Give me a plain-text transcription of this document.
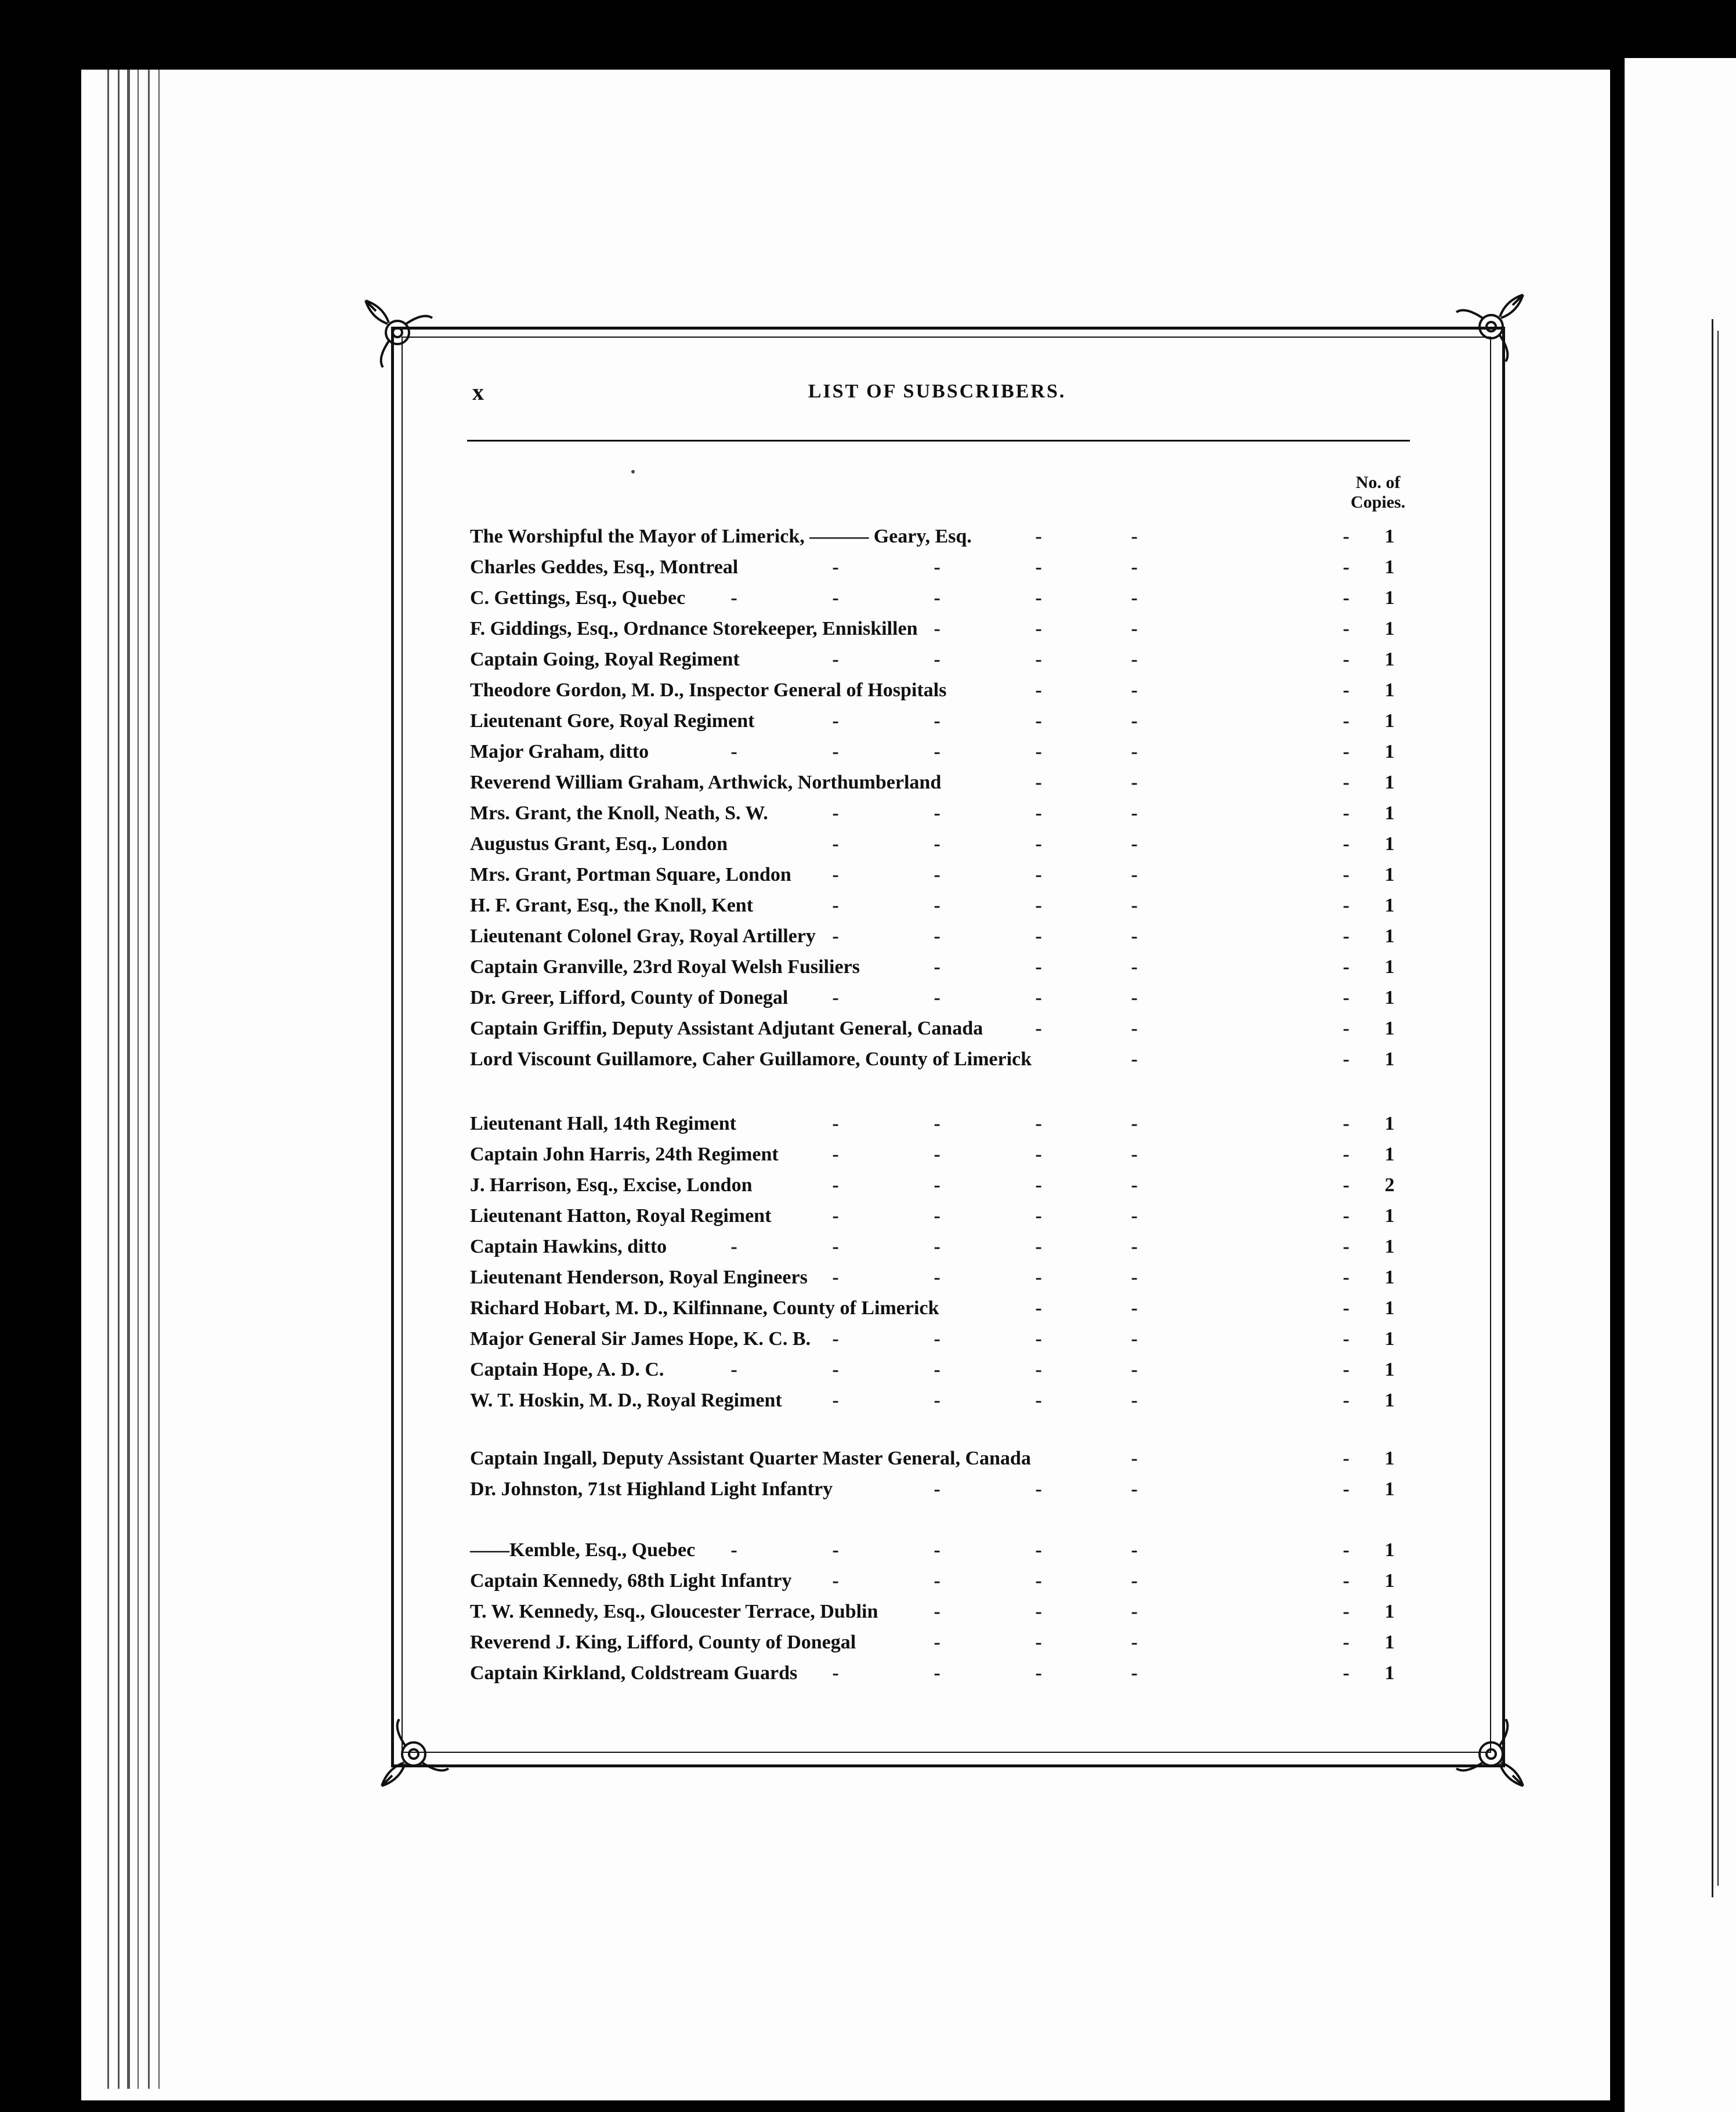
x	LIST OF SUBSCRIBERS.
No. of Copies.
The Worshipful the Mayor of Limerick, ——— Geary, Esq.	-	-	-	1
Charles Geddes, Esq., Montreal	-	-	-	-	-	1
C. Gettings, Esq., Quebec -	-	-	-	-	-	1
F. Giddings, Esq., Ordnance Storekeeper, Enniskillen -	-	-	-	1
Captain Going, Royal Regiment	-	-	-	-	-	1
Theodore Gordon, M. D., Inspector General of Hospitals	-	-	-	1
Lieutenant Gore, Royal Regiment	-	-	-	-	-	1
Major Graham, ditto	-	-	-	-	-	-	1
Reverend William Graham, Arthwick, Northumberland	-	-	-	1
Mrs. Grant, the Knoll, Neath, S. W.	-	-	-	-	-	1
Augustus Grant, Esq., London	-	-	-	-	-	1
Mrs. Grant, Portman Square, London -	-	-	-	-	1
H. F. Grant, Esq., the Knoll, Kent	-	-	-	-	-	1
Lieutenant Colonel Gray, Royal Artillery -	-	-	-	-	1
Captain Granville, 23rd Royal Welsh Fusiliers	-	-	-	-	1
Dr. Greer, Lifford, County of Donegal -	-	-	-	-	1
Captain Griffin, Deputy Assistant Adjutant General, Canada	-	-	-	1
Lord Viscount Guillamore, Caher Guillamore, County of Limerick	-	-	1
Lieutenant Hall, 14th Regiment	-	-	-	-	-	1
Captain John Harris, 24th Regiment	-	-	-	-	-	1
J. Harrison, Esq., Excise, London	-	-	-	-	-	2
Lieutenant Hatton, Royal Regiment	-	-	-	-	-	1
Captain Hawkins, ditto	-	-	-	-	-	-	1
Lieutenant Henderson, Royal Engineers -	-	-	-	-	1
Richard Hobart, M. D., Kilfinnane, County of Limerick	-	-	-	1
Major General Sir James Hope, K. C. B. -	-	-	-	-	1
Captain Hope, A. D. C.	-	-	-	-	-	-	1
W. T. Hoskin, M. D., Royal Regiment	-	-	-	-	-	1
Captain Ingall, Deputy Assistant Quarter Master General, Canada	-	-	1
Dr. Johnston, 71st Highland Light Infantry	-	-	-	-	1
——Kemble, Esq., Quebec -	-	-	-	-	-	1
Captain Kennedy, 68th Light Infantry -	-	-	-	-	1
T. W. Kennedy, Esq., Gloucester Terrace, Dublin	-	-	-	-	1
Reverend J. King, Lifford, County of Donegal	-	-	-	-	1
Captain Kirkland, Coldstream Guards -	-	-	-	-	1
